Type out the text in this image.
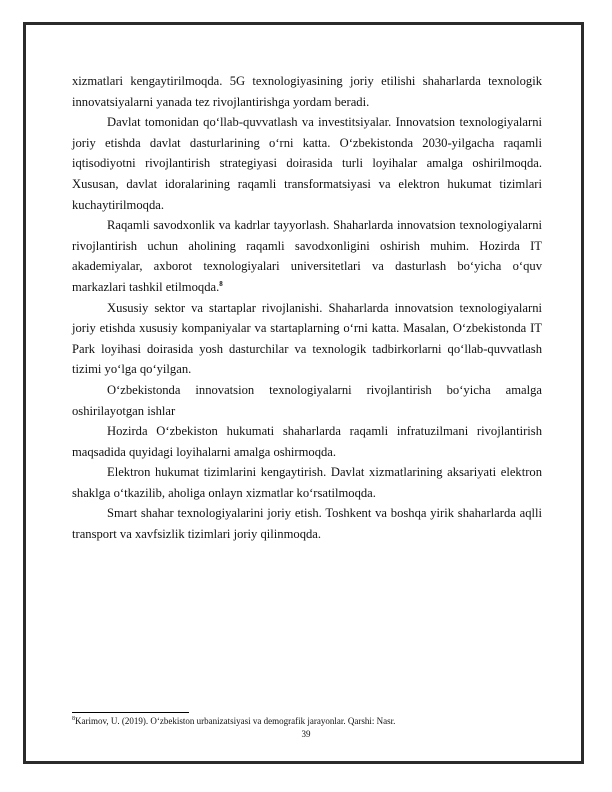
xizmatlari kengaytirilmoqda. 5G texnologiyasining joriy etilishi shaharlarda texnologik innovatsiyalarni yanada tez rivojlantirishga yordam beradi.

Davlat tomonidan qo‘llab-quvvatlash va investitsiyalar. Innovatsion texnologiyalarni joriy etishda davlat dasturlarining o‘rni katta. O‘zbekistonda 2030-yilgacha raqamli iqtisodiyotni rivojlantirish strategiyasi doirasida turli loyihalar amalga oshirilmoqda. Xususan, davlat idoralarining raqamli transformatsiyasi va elektron hukumat tizimlari kuchaytirilmoqda.

Raqamli savodxonlik va kadrlar tayyorlash. Shaharlarda innovatsion texnologiyalarni rivojlantirish uchun aholining raqamli savodxonligini oshirish muhim. Hozirda IT akademiyalar, axborot texnologiyalari universitetlari va dasturlash bo‘yicha o‘quv markazlari tashkil etilmoqda.$^8$

Xususiy sektor va startaplar rivojlanishi. Shaharlarda innovatsion texnologiyalarni joriy etishda xususiy kompaniyalar va startaplarning o‘rni katta. Masalan, O‘zbekistonda IT Park loyihasi doirasida yosh dasturchilar va texnologik tadbirkorlarni qo‘llab-quvvatlash tizimi yo‘lga qo‘yilgan.

O‘zbekistonda innovatsion texnologiyalarni rivojlantirish bo‘yicha amalga oshirilayotgan ishlar

Hozirda O‘zbekiston hukumati shaharlarda raqamli infratuzilmani rivojlantirish maqsadida quyidagi loyihalarni amalga oshirmoqda.

Elektron hukumat tizimlarini kengaytirish. Davlat xizmatlarining aksariyati elektron shaklga o‘tkazilib, aholiga onlayn xizmatlar ko‘rsatilmoqda.

Smart shahar texnologiyalarini joriy etish. Toshkent va boshqa yirik shaharlarda aqlli transport va xavfsizlik tizimlari joriy qilinmoqda.

$^8$Karimov, U. (2019). O‘zbekiston urbanizatsiyasi va demografik jarayonlar. Qarshi: Nasr.
39
